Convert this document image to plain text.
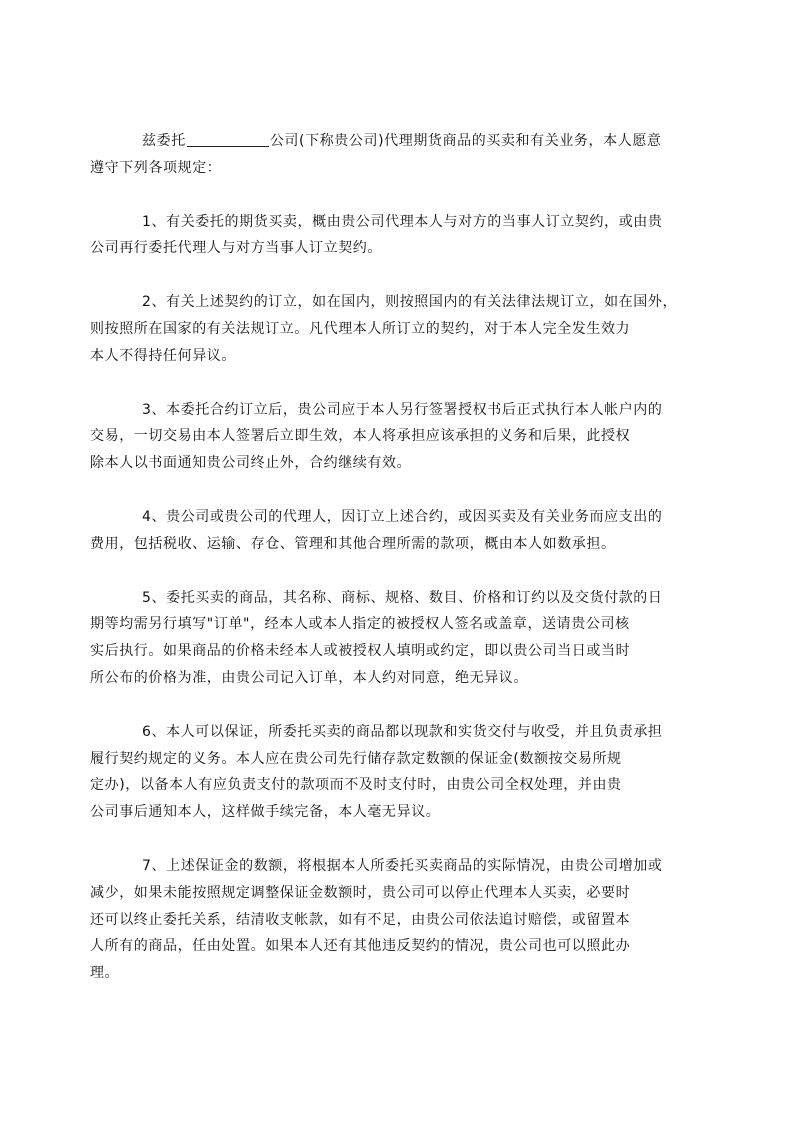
兹委托	公司(下称贵公司)代理期货商品的买卖和有关业务，本人愿意
遵守下列各项规定：

1、有关委托的期货买卖，概由贵公司代理本人与对方的当事人订立契约，或由贵
公司再行委托代理人与对方当事人订立契约。

2、有关上述契约的订立，如在国内，则按照国内的有关法律法规订立，如在国外，
则按照所在国家的有关法规订立。凡代理本人所订立的契约，对于本人完全发生效力
本人不得持任何异议。

3、本委托合约订立后，贵公司应于本人另行签署授权书后正式执行本人帐户内的
交易，一切交易由本人签署后立即生效，本人将承担应该承担的义务和后果，此授权
除本人以书面通知贵公司终止外，合约继续有效。

4、贵公司或贵公司的代理人，因订立上述合约，或因买卖及有关业务而应支出的
费用，包括税收、运输、存仓、管理和其他合理所需的款项，概由本人如数承担。

5、委托买卖的商品，其名称、商标、规格、数目、价格和订约以及交货付款的日
期等均需另行填写"订单"，经本人或本人指定的被授权人签名或盖章，送请贵公司核
实后执行。如果商品的价格未经本人或被授权人填明或约定，即以贵公司当日或当时
所公布的价格为准，由贵公司记入订单，本人约对同意，绝无异议。

6、本人可以保证，所委托买卖的商品都以现款和实货交付与收受，并且负责承担
履行契约规定的义务。本人应在贵公司先行储存款定数额的保证金(数额按交易所规
定办)，以备本人有应负责支付的款项而不及时支付时，由贵公司全权处理，并由贵
公司事后通知本人，这样做手续完备，本人毫无异议。

7、上述保证金的数额，将根据本人所委托买卖商品的实际情况，由贵公司增加或
减少，如果未能按照规定调整保证金数额时，贵公司可以停止代理本人买卖，必要时
还可以终止委托关系，结清收支帐款，如有不足，由贵公司依法追讨赔偿，或留置本
人所有的商品，任由处置。如果本人还有其他违反契约的情况，贵公司也可以照此办
理。
